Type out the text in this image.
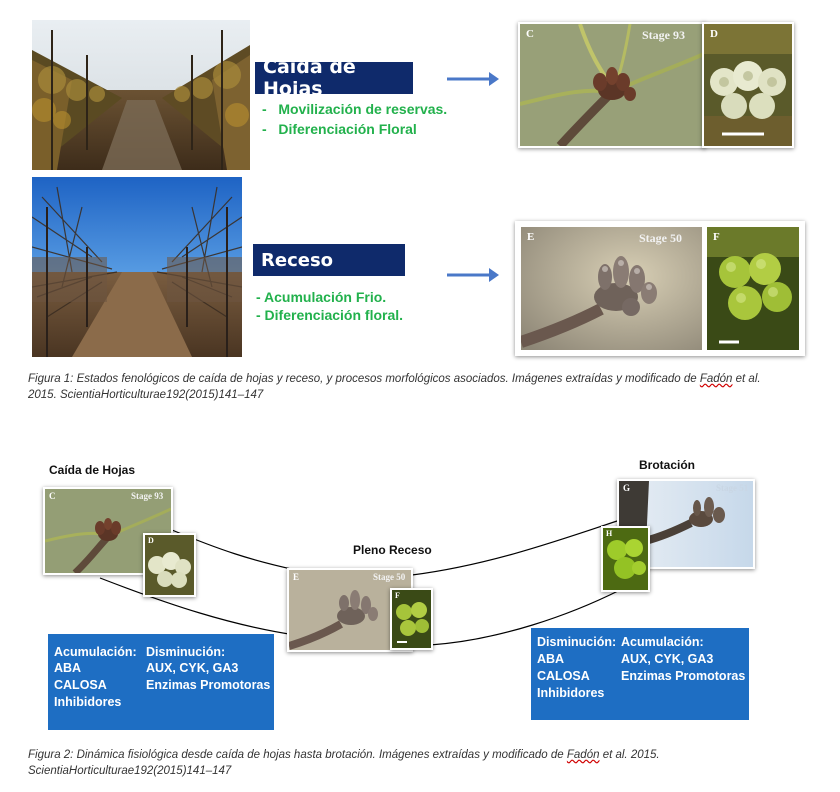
Caída de Hojas
-   Movilización de reservas.
-   Diferenciación Floral
C	Stage 93 D
Receso
- Acumulación Frio.
- Diferenciación floral.
E	Stage 50	F
Figura 1: Estados fenológicos de caída de hojas y receso, y procesos morfológicos asociados. Imágenes extraídas y modificado de Fadón et al.
2015. ScientiaHorticulturae192(2015)141–147
Caída de Hojas
C	Stage 93
D
Acumulación:
ABA
CALOSA
Inhibidores
Disminución:
AUX, CYK, GA3
Enzimas Promotoras
Pleno Receso
E	Stage 50
F
Brotación
G	Stage 51
H
Disminución:
ABA
CALOSA
Inhibidores
Acumulación:
AUX, CYK, GA3
Enzimas Promotoras
Figura 2: Dinámica fisiológica desde caída de hojas hasta brotación. Imágenes extraídas y modificado de Fadón et al. 2015.
ScientiaHorticulturae192(2015)141–147
